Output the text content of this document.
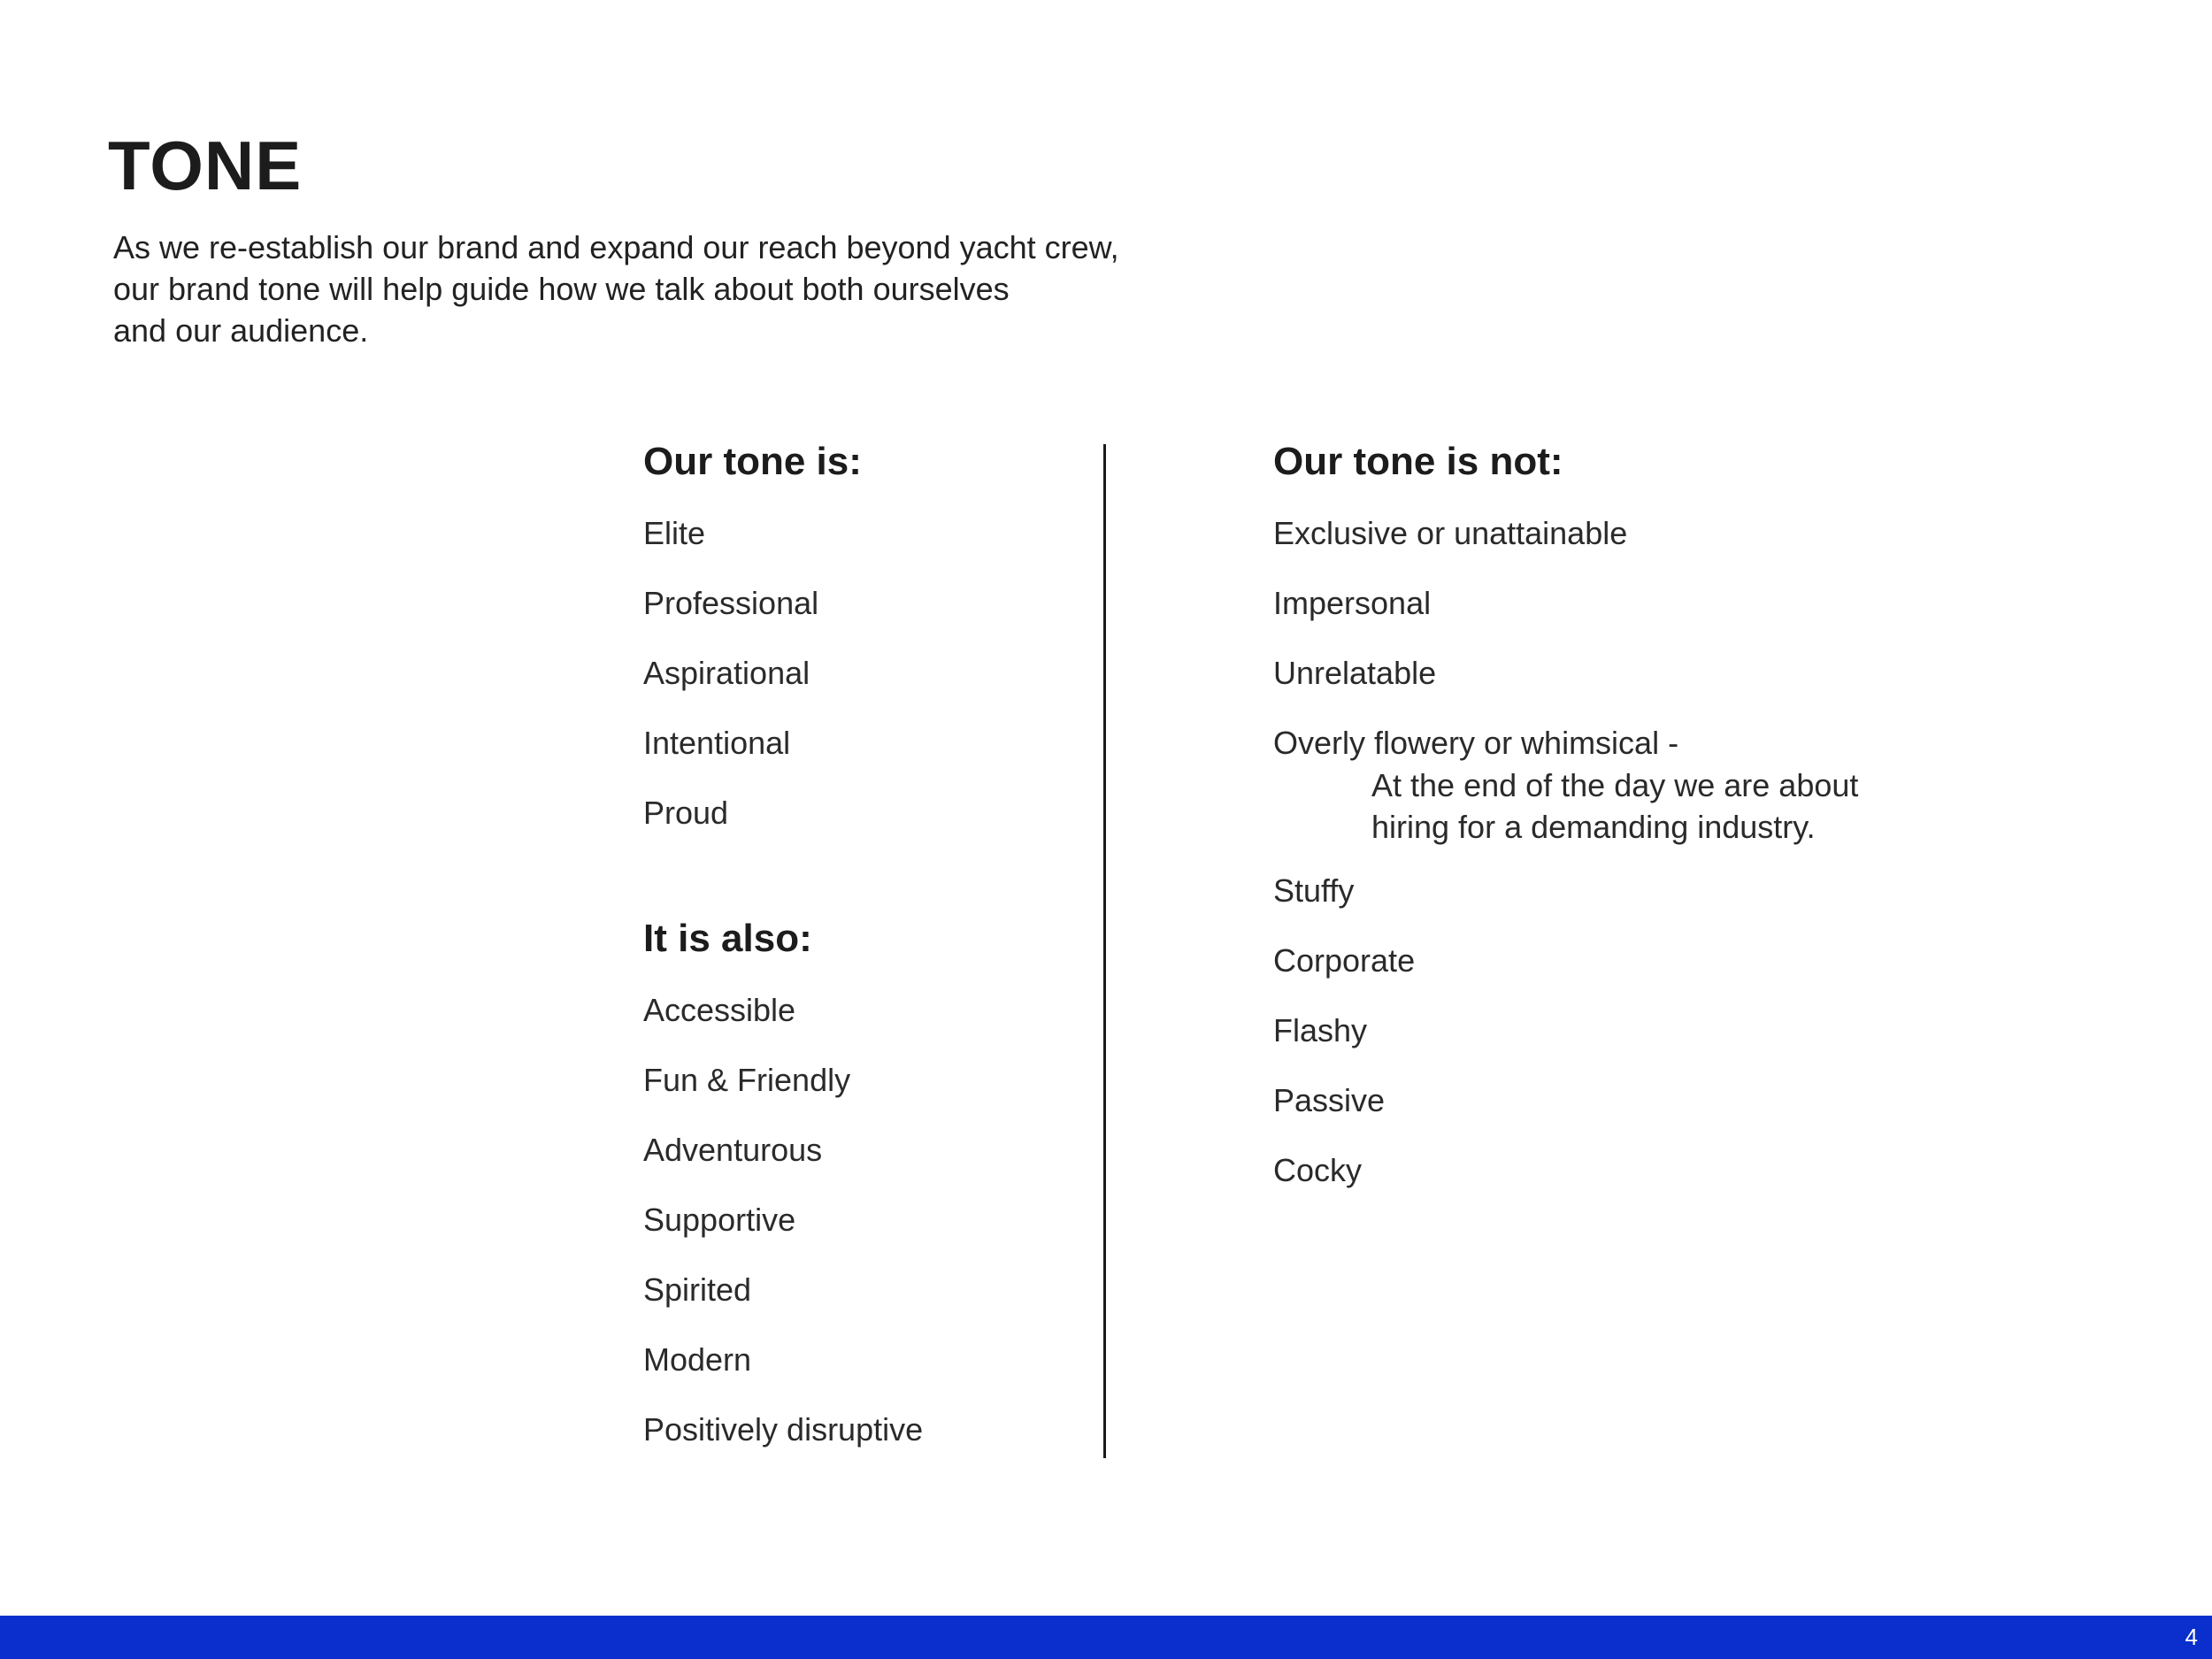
TONE

As we re-establish our brand and expand our reach beyond yacht crew,
our brand tone will help guide how we talk about both ourselves
and our audience.

Our tone is:
Elite
Professional
Aspirational
Intentional
Proud
It is also:
Accessible
Fun & Friendly
Adventurous
Supportive
Spirited
Modern
Positively disruptive
Our tone is not:
Exclusive or unattainable
Impersonal
Unrelatable
Overly flowery or whimsical -
At the end of the day we are about
hiring for a demanding industry.
Stuffy
Corporate
Flashy
Passive
Cocky
4
